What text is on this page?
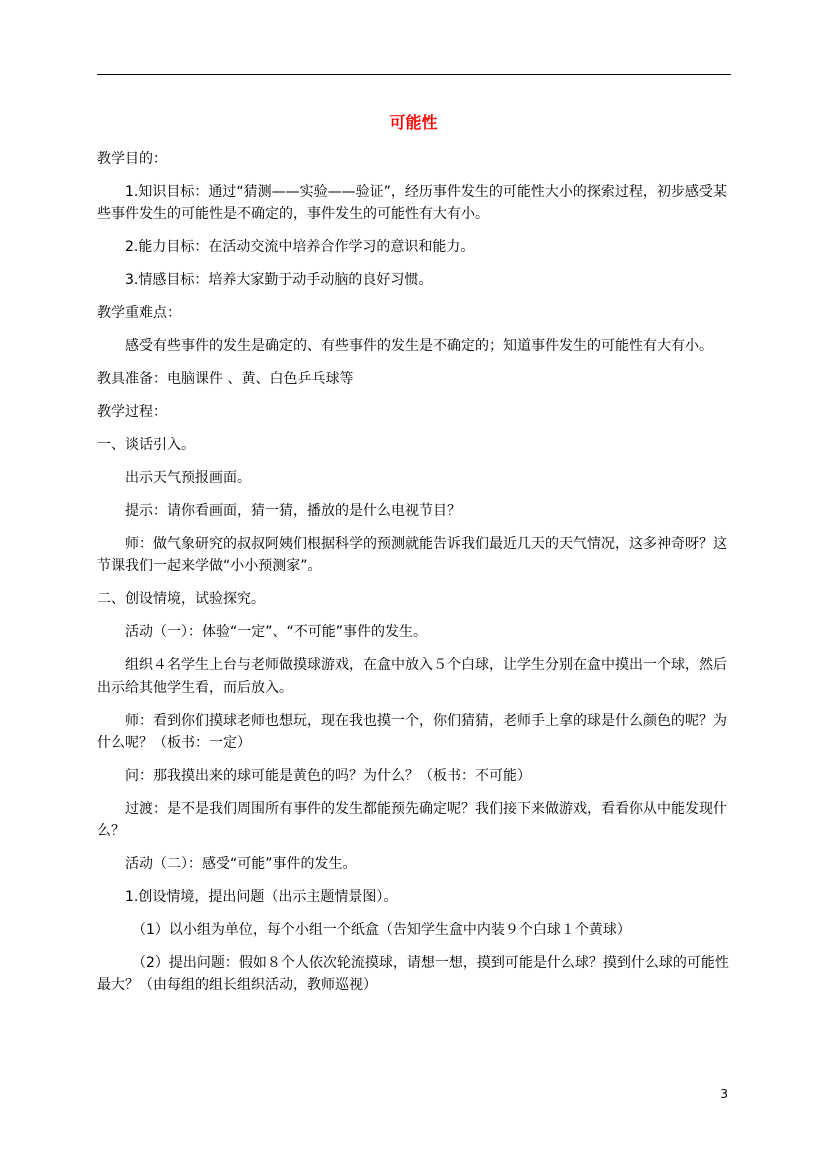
可能性

教学目的：

1.知识目标：通过“猜测——实验——验证”，经历事件发生的可能性大小的探索过程，初步感受某些事件发生的可能性是不确定的，事件发生的可能性有大有小。

2.能力目标：在活动交流中培养合作学习的意识和能力。

3.情感目标：培养大家勤于动手动脑的良好习惯。

教学重难点：

感受有些事件的发生是确定的、有些事件的发生是不确定的；知道事件发生的可能性有大有小。

教具准备：电脑课件 、黄、白色乒乓球等

教学过程：

一、谈话引入。

出示天气预报画面。

提示：请你看画面，猜一猜，播放的是什么电视节目？

师：做气象研究的叔叔阿姨们根据科学的预测就能告诉我们最近几天的天气情况，这多神奇呀？这节课我们一起来学做“小小预测家”。

二、创设情境，试验探究。

活动（一）：体验“一定”、“不可能”事件的发生。

组织４名学生上台与老师做摸球游戏，在盒中放入５个白球，让学生分别在盒中摸出一个球，然后出示给其他学生看，而后放入。

师：看到你们摸球老师也想玩，现在我也摸一个，你们猜猜，老师手上拿的球是什么颜色的呢？为什么呢？（板书：一定）

问：那我摸出来的球可能是黄色的吗？为什么？（板书：不可能）

过渡：是不是我们周围所有事件的发生都能预先确定呢？我们接下来做游戏，看看你从中能发现什么？

活动（二）：感受“可能”事件的发生。

1.创设情境，提出问题（出示主题情景图）。

（1）以小组为单位，每个小组一个纸盒（告知学生盒中内装９个白球１个黄球）

（2）提出问题：假如８个人依次轮流摸球，请想一想，摸到可能是什么球？摸到什么球的可能性最大？（由每组的组长组织活动，教师巡视）

3
